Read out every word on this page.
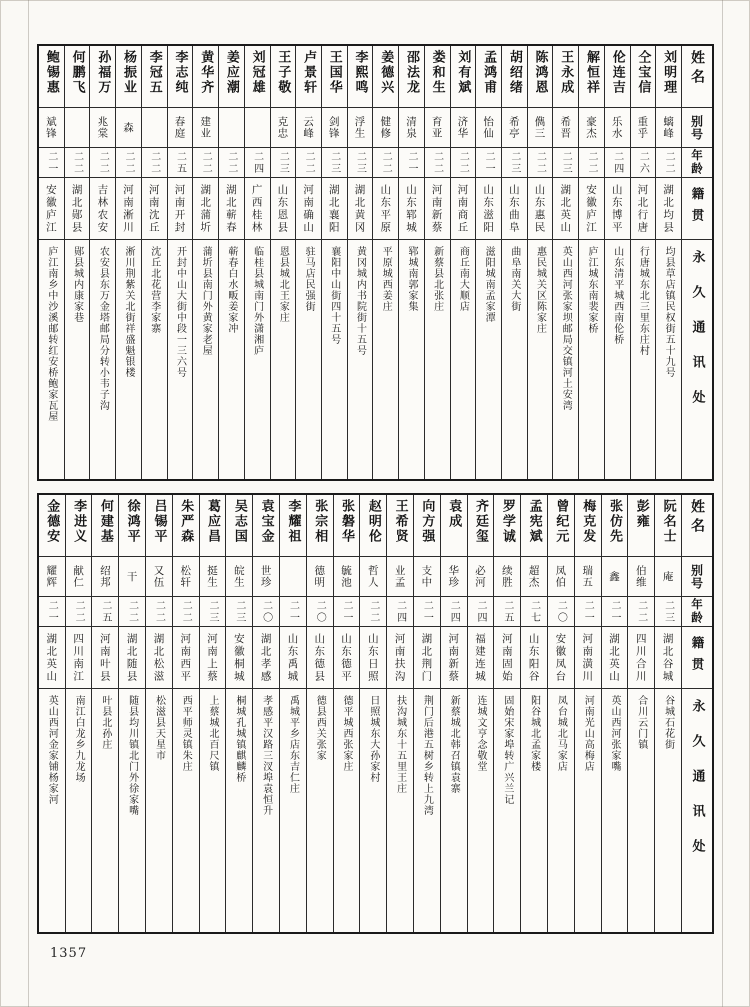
姓名
别号
年龄
籍贯
永久通讯处
刘明理
螭峰
二二
湖北均县
均县草店镇民权街五十九号
仝宝信
重乎
二六
河北行唐
行唐城东北三里东庄村
伦连吉
乐水
二四
山东博平
山东清平城西南伦桥
解恒祥
豪杰
二二
安徽庐江
庐江城东南裴家桥
王永成
希晋
二三
湖北英山
英山西河张家坝邮局交镇河土安湾
陈鸿恩
儁三
二二
山东惠民
惠民城关区陈家庄
胡绍绪
希亭
二三
山东曲阜
曲阜南关大街
孟鸿甫
怡仙
二一
山东滋阳
滋阳城南孟家潭
刘有斌
济华
二二
河南商丘
商丘南大顺店
娄和生
育亚
二二
河南新蔡
新蔡县北张庄
邵法龙
清泉
二一
山东郓城
郓城南郭家集
姜德兴
健修
二二
山东平原
平原城西姜庄
李熙鸣
浮生
二三
湖北黄冈
黄冈城内书院街十五号
王国华
剑锋
二三
湖北襄阳
襄阳中山街四十五号
卢景轩
云峰
二二
河南确山
驻马店民强街
王子敬
克忠
二三
山东恩县
恩县城北王家庄
刘冠雄
二四
广西桂林
临桂县城南门外潇湘庐
姜应潮
二二
湖北蕲春
蕲春白水畈姜家冲
黄华齐
建业
二二
湖北蒲圻
蒲圻县南门外黄家老屋
李志纯
春庭
二五
河南开封
开封中山大街中段一三六号
李冠五
二二
河南沈丘
沈丘北花营李家寨
杨振业
森
二二
河南淅川
淅川荆紫关北街祥盛魁银楼
孙福万
兆棠
二二
吉林农安
农安县东万金塔邮局分转小韦子沟
何鹏飞
二二
湖北郧县
郧县城内康家巷
鲍锡惠
斌锋
二一
安徽庐江
庐江南乡中沙溪邮转红安桥鲍家瓦屋
姓名
别号
年龄
籍贯
永久通讯处
阮名士
庵
二三
湖北谷城
谷城石花街
彭雍
伯维
二二
四川合川
合川云门镇
张仿先
鑫
二一
湖北英山
英山西河张家嘴
梅克发
瑞五
二一
河南潢川
河南光山高梅店
曾纪元
凤伯
二〇
安徽凤台
凤台城北马家店
孟宪斌
超杰
二七
山东阳谷
阳谷城北孟家楼
罗学诚
续胜
二五
河南固始
固始宋家埠转广兴兰记
齐廷玺
必河
二四
福建连城
连城文亨念敬堂
袁成
华珍
二四
河南新蔡
新蔡城北韩召镇袁寨
向方强
支中
二一
湖北荆门
荆门后港五树乡转上九湾
王希贤
业孟
二四
河南扶沟
扶沟城东十五里王庄
赵明伦
哲人
二二
山东日照
日照城东大孙家村
张磐华
毓池
二一
山东德平
德平城西张家庄
张宗相
德明
二〇
山东德县
德县西关张家
李耀祖
二一
山东禹城
禹城平乡店东吉仁庄
袁宝金
世珍
二〇
湖北孝感
孝感平汉路三汊埠袁恒升
吴志国
皖生
二三
安徽桐城
桐城孔城镇麒麟桥
葛应昌
挺生
二三
河南上蔡
上蔡城北百尺镇
朱严森
松轩
二二
河南西平
西平师灵镇朱庄
吕锡平
又伍
二二
湖北松滋
松滋县天星市
徐鸿平
干
二二
湖北随县
随县均川镇北门外徐家嘴
何建基
绍邦
二五
河南叶县
叶县北孙庄
李进义
献仁
二二
四川南江
南江白龙乡九龙场
金德安
耀辉
二一
湖北英山
英山西河金家铺杨家河
1357
